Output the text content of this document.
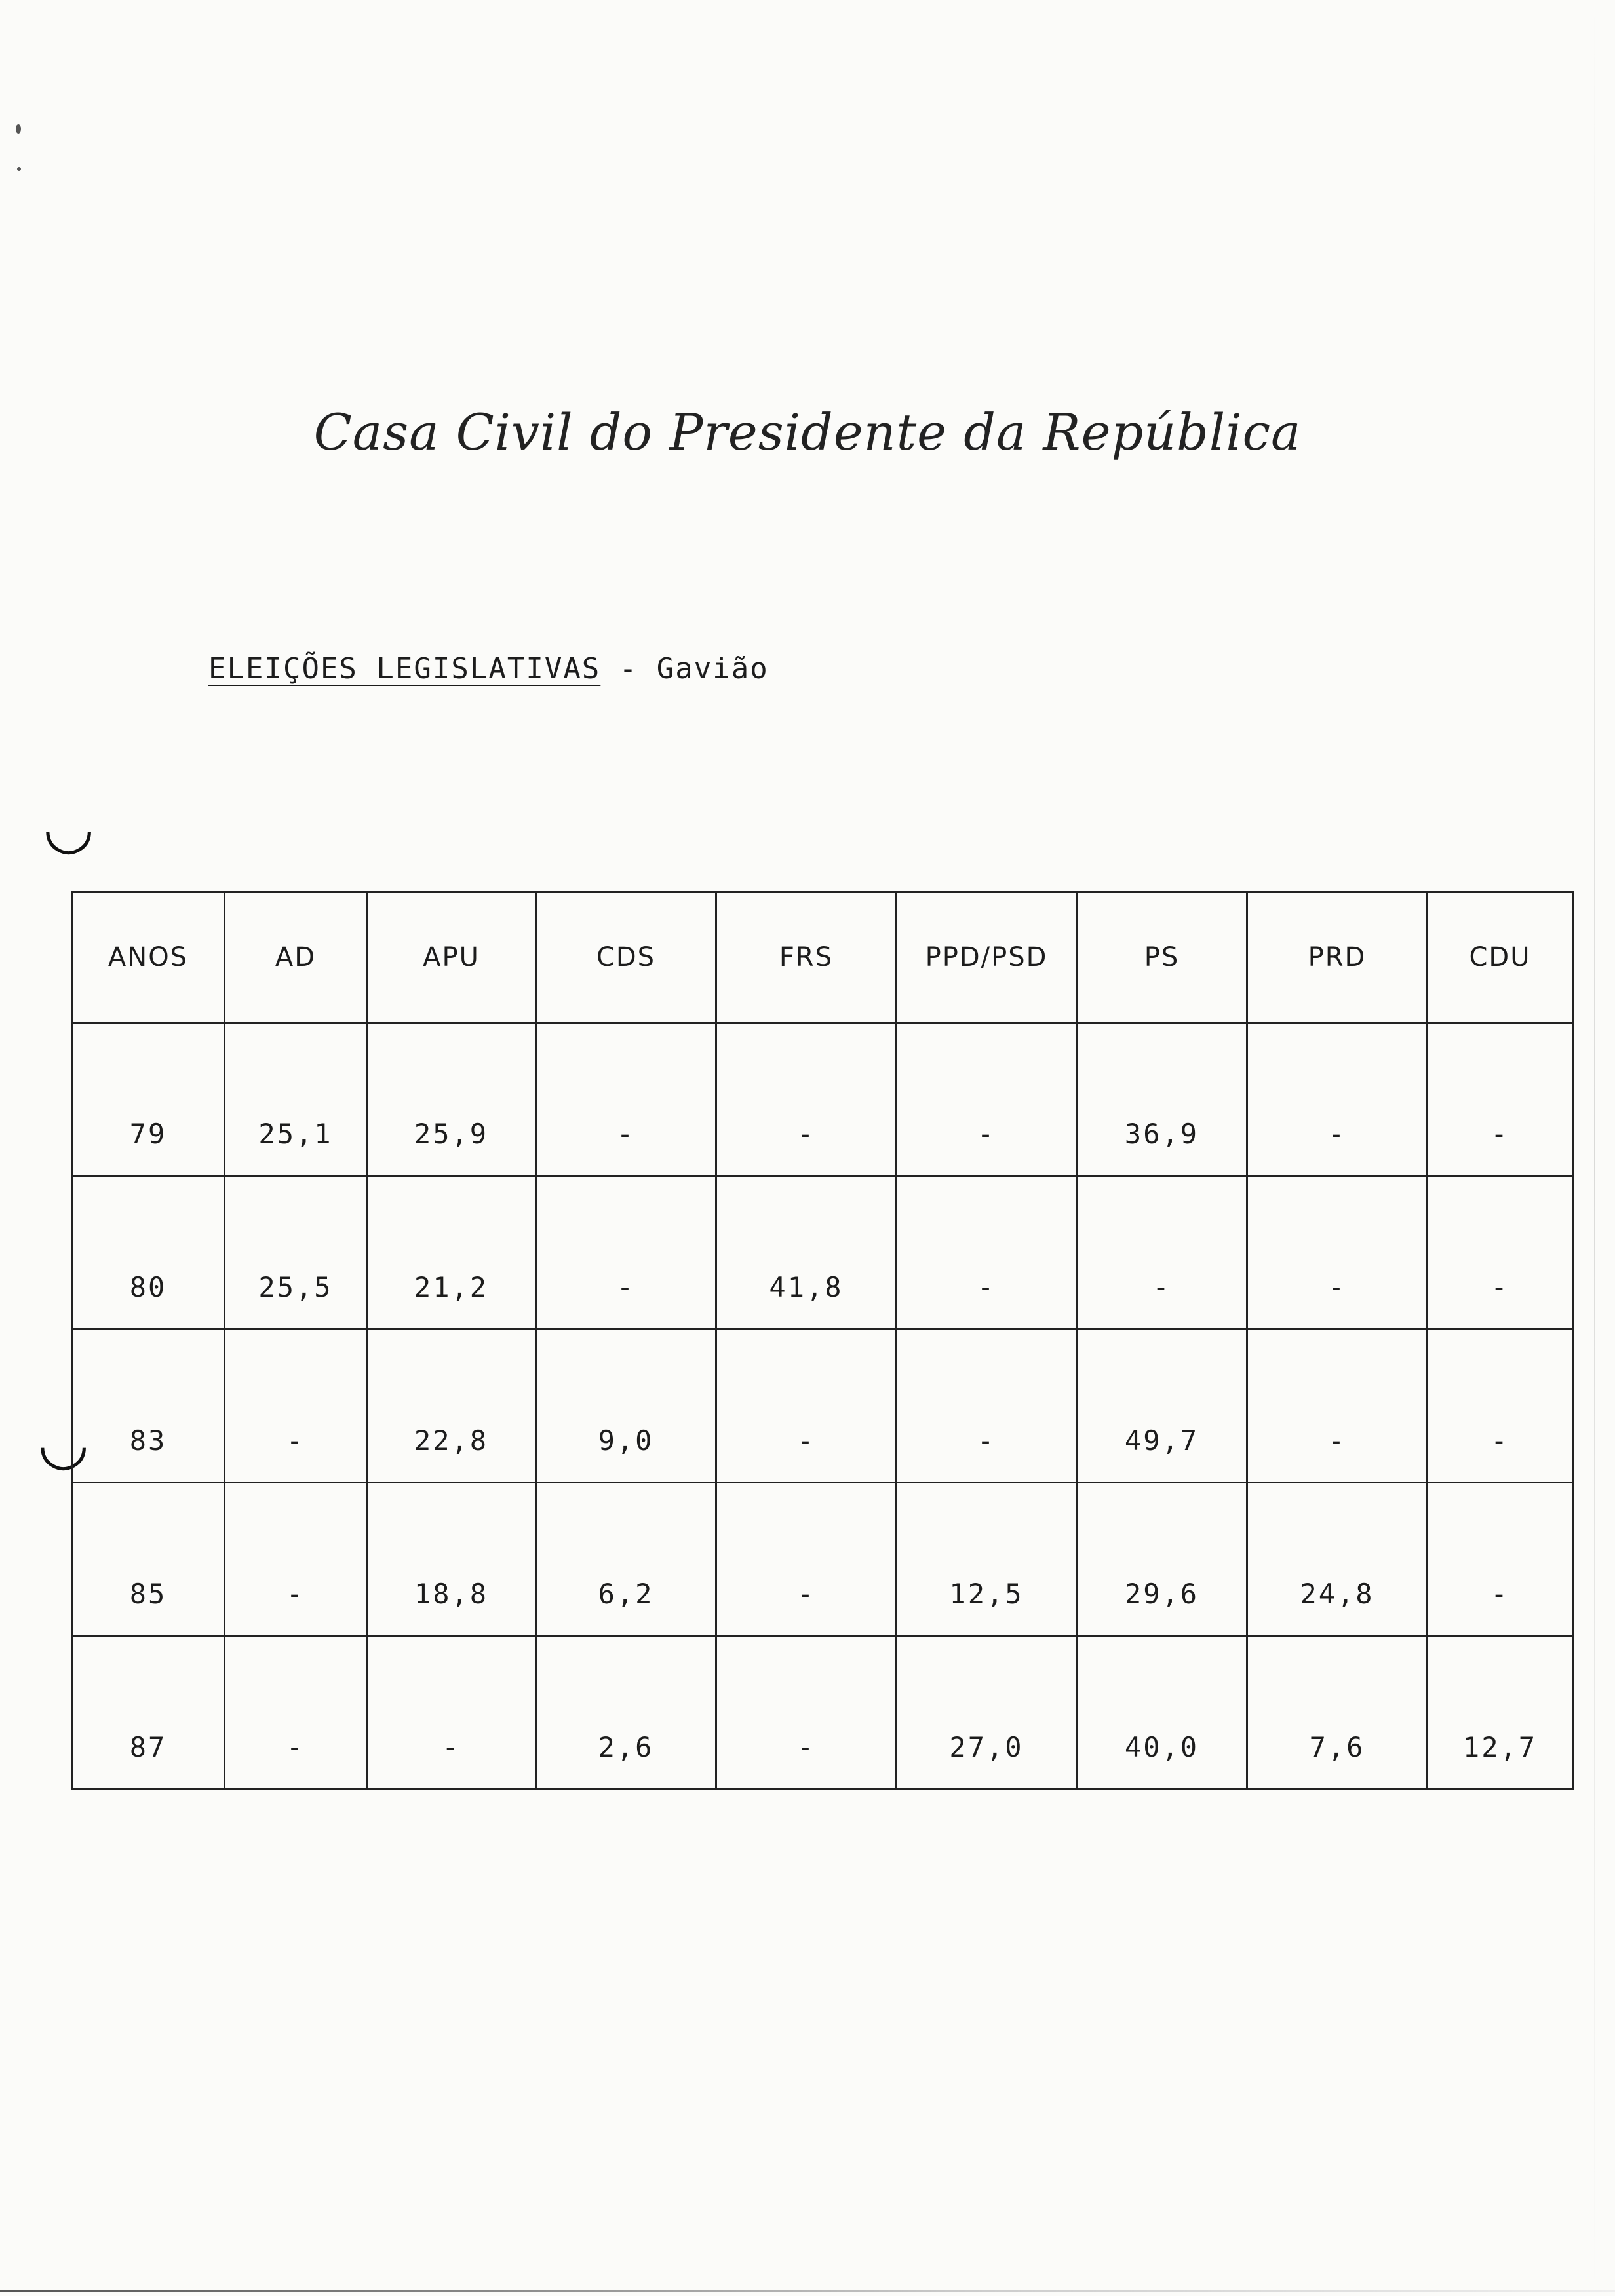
◡
◡
Casa Civil do Presidente da República
ELEIÇÕES LEGISLATIVAS - Gavião
ANOS	AD	APU	CDS	FRS	PPD/PSD	PS	PRD	CDU
79	25,1	25,9	-	-	-	36,9	-	-
80	25,5	21,2	-	41,8	-	-	-	-
83	-	22,8	9,0	-	-	49,7	-	-
85	-	18,8	6,2	-	12,5	29,6	24,8	-
87	-	-	2,6	-	27,0	40,0	7,6	12,7
